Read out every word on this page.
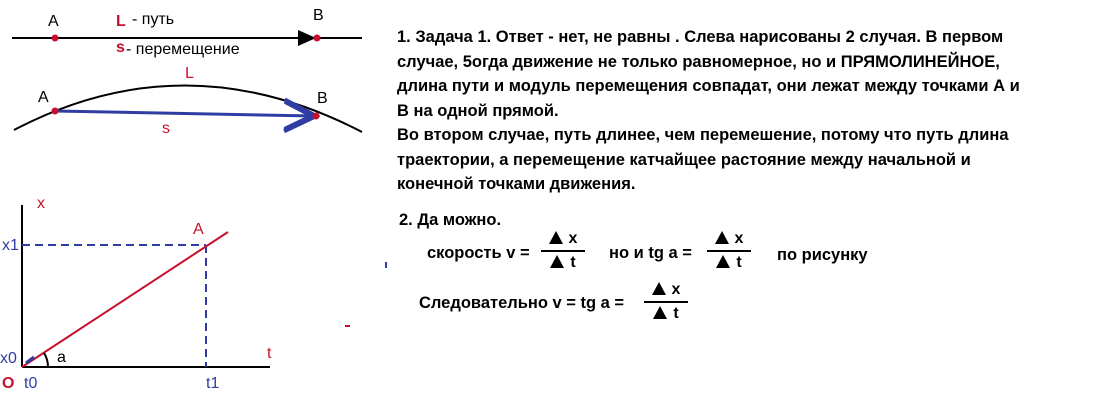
A	B
L - путь
s - перемещение
A	B
L
s
x
t
A
x1
x0
O t0	t1
a
1. Задача 1. Ответ - нет, не равны . Слева нарисованы 2 случая. В первом
случае, 5огда движение не только равномерное, но и ПРЯМОЛИНЕЙНОЕ,
длина пути и модуль перемещения совпадат, они лежат между точками А и
В на одной прямой.
Во втором случае, путь длинее, чем перемешение, потому что путь длина
траектории, а перемещение катчайщее растояние между начальной и
конечной точками движения.
2. Да можно.
скорость v =
x
t
но и tg a =
x
t	по рисунку
Следовательно v = tg a =
x
t
